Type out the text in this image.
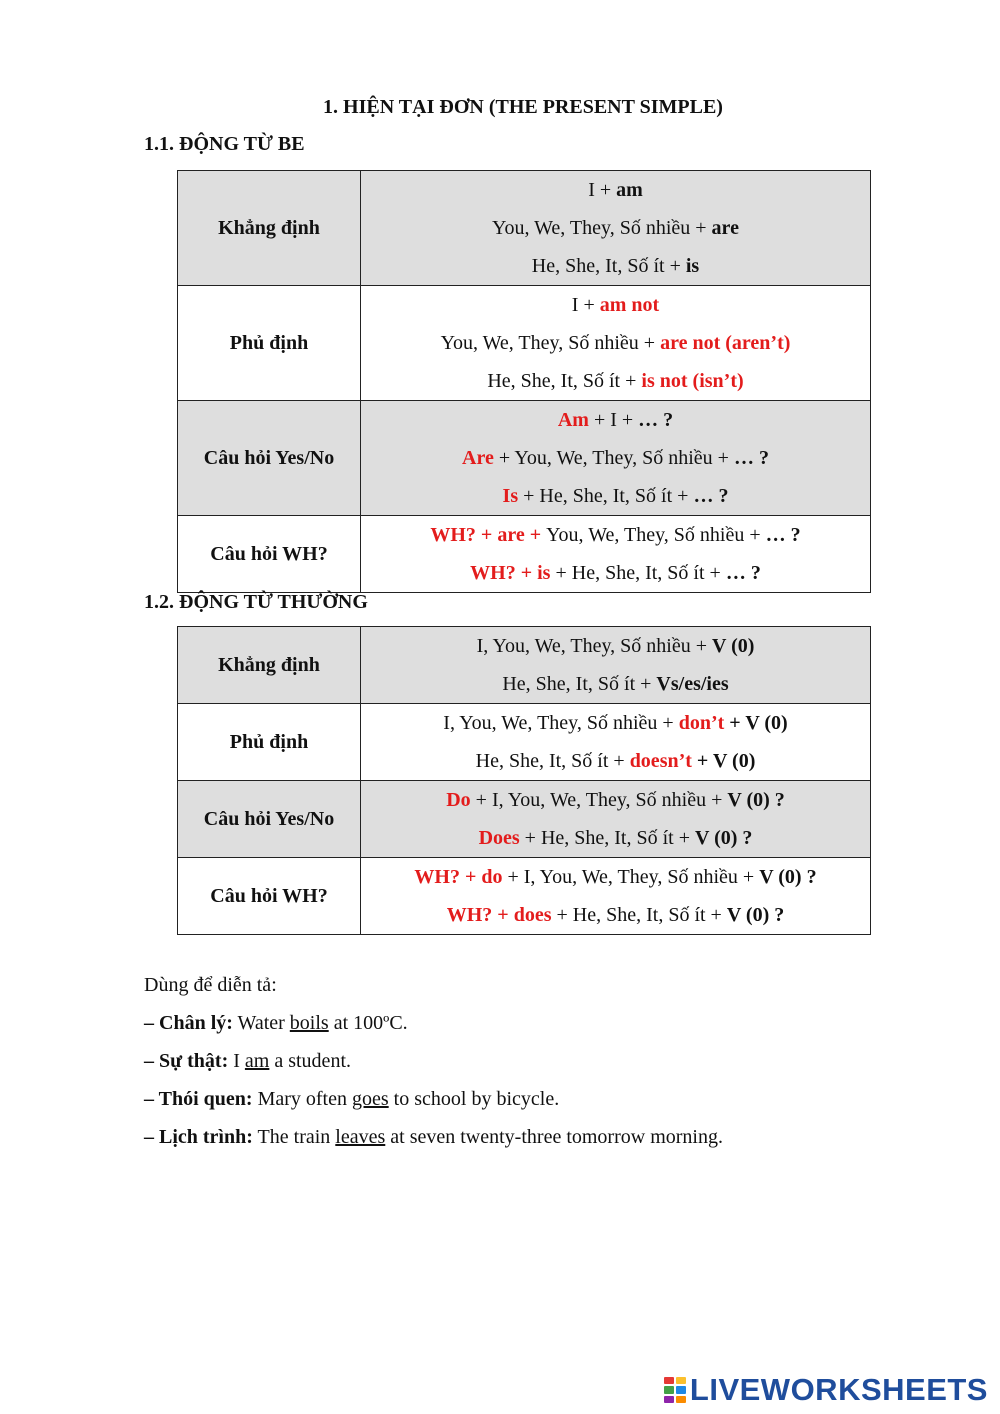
1. HIỆN TẠI ĐƠN (THE PRESENT SIMPLE)
1.1. ĐỘNG TỪ BE
Khẳng định	I + am
You, We, They, Số nhiều + are
He, She, It, Số ít + is

Phủ định	I + am not
You, We, They, Số nhiều + are not (aren’t)
He, She, It, Số ít + is not (isn’t)

Câu hỏi Yes/No	Am + I + … ?
Are + You, We, They, Số nhiều + … ?
Is + He, She, It, Số ít + … ?

Câu hỏi WH?	WH? + are + You, We, They, Số nhiều + … ?
WH? + is + He, She, It, Số ít + … ?
1.2. ĐỘNG TỪ THƯỜNG
Khẳng định	I, You, We, They, Số nhiều + V (0)
He, She, It, Số ít + Vs/es/ies

Phủ định	I, You, We, They, Số nhiều + don’t + V (0)
He, She, It, Số ít + doesn’t + V (0)

Câu hỏi Yes/No	Do + I, You, We, They, Số nhiều + V (0) ?
Does + He, She, It, Số ít + V (0) ?

Câu hỏi WH?	WH? + do + I, You, We, They, Số nhiều + V (0) ?
WH? + does + He, She, It, Số ít + V (0) ?
Dùng để diễn tả:
– Chân lý: Water boils at 100ºC.
– Sự thật: I am a student.
– Thói quen: Mary often goes to school by bicycle.
– Lịch trình: The train leaves at seven twenty-three tomorrow morning.
LIVEWORKSHEETS
